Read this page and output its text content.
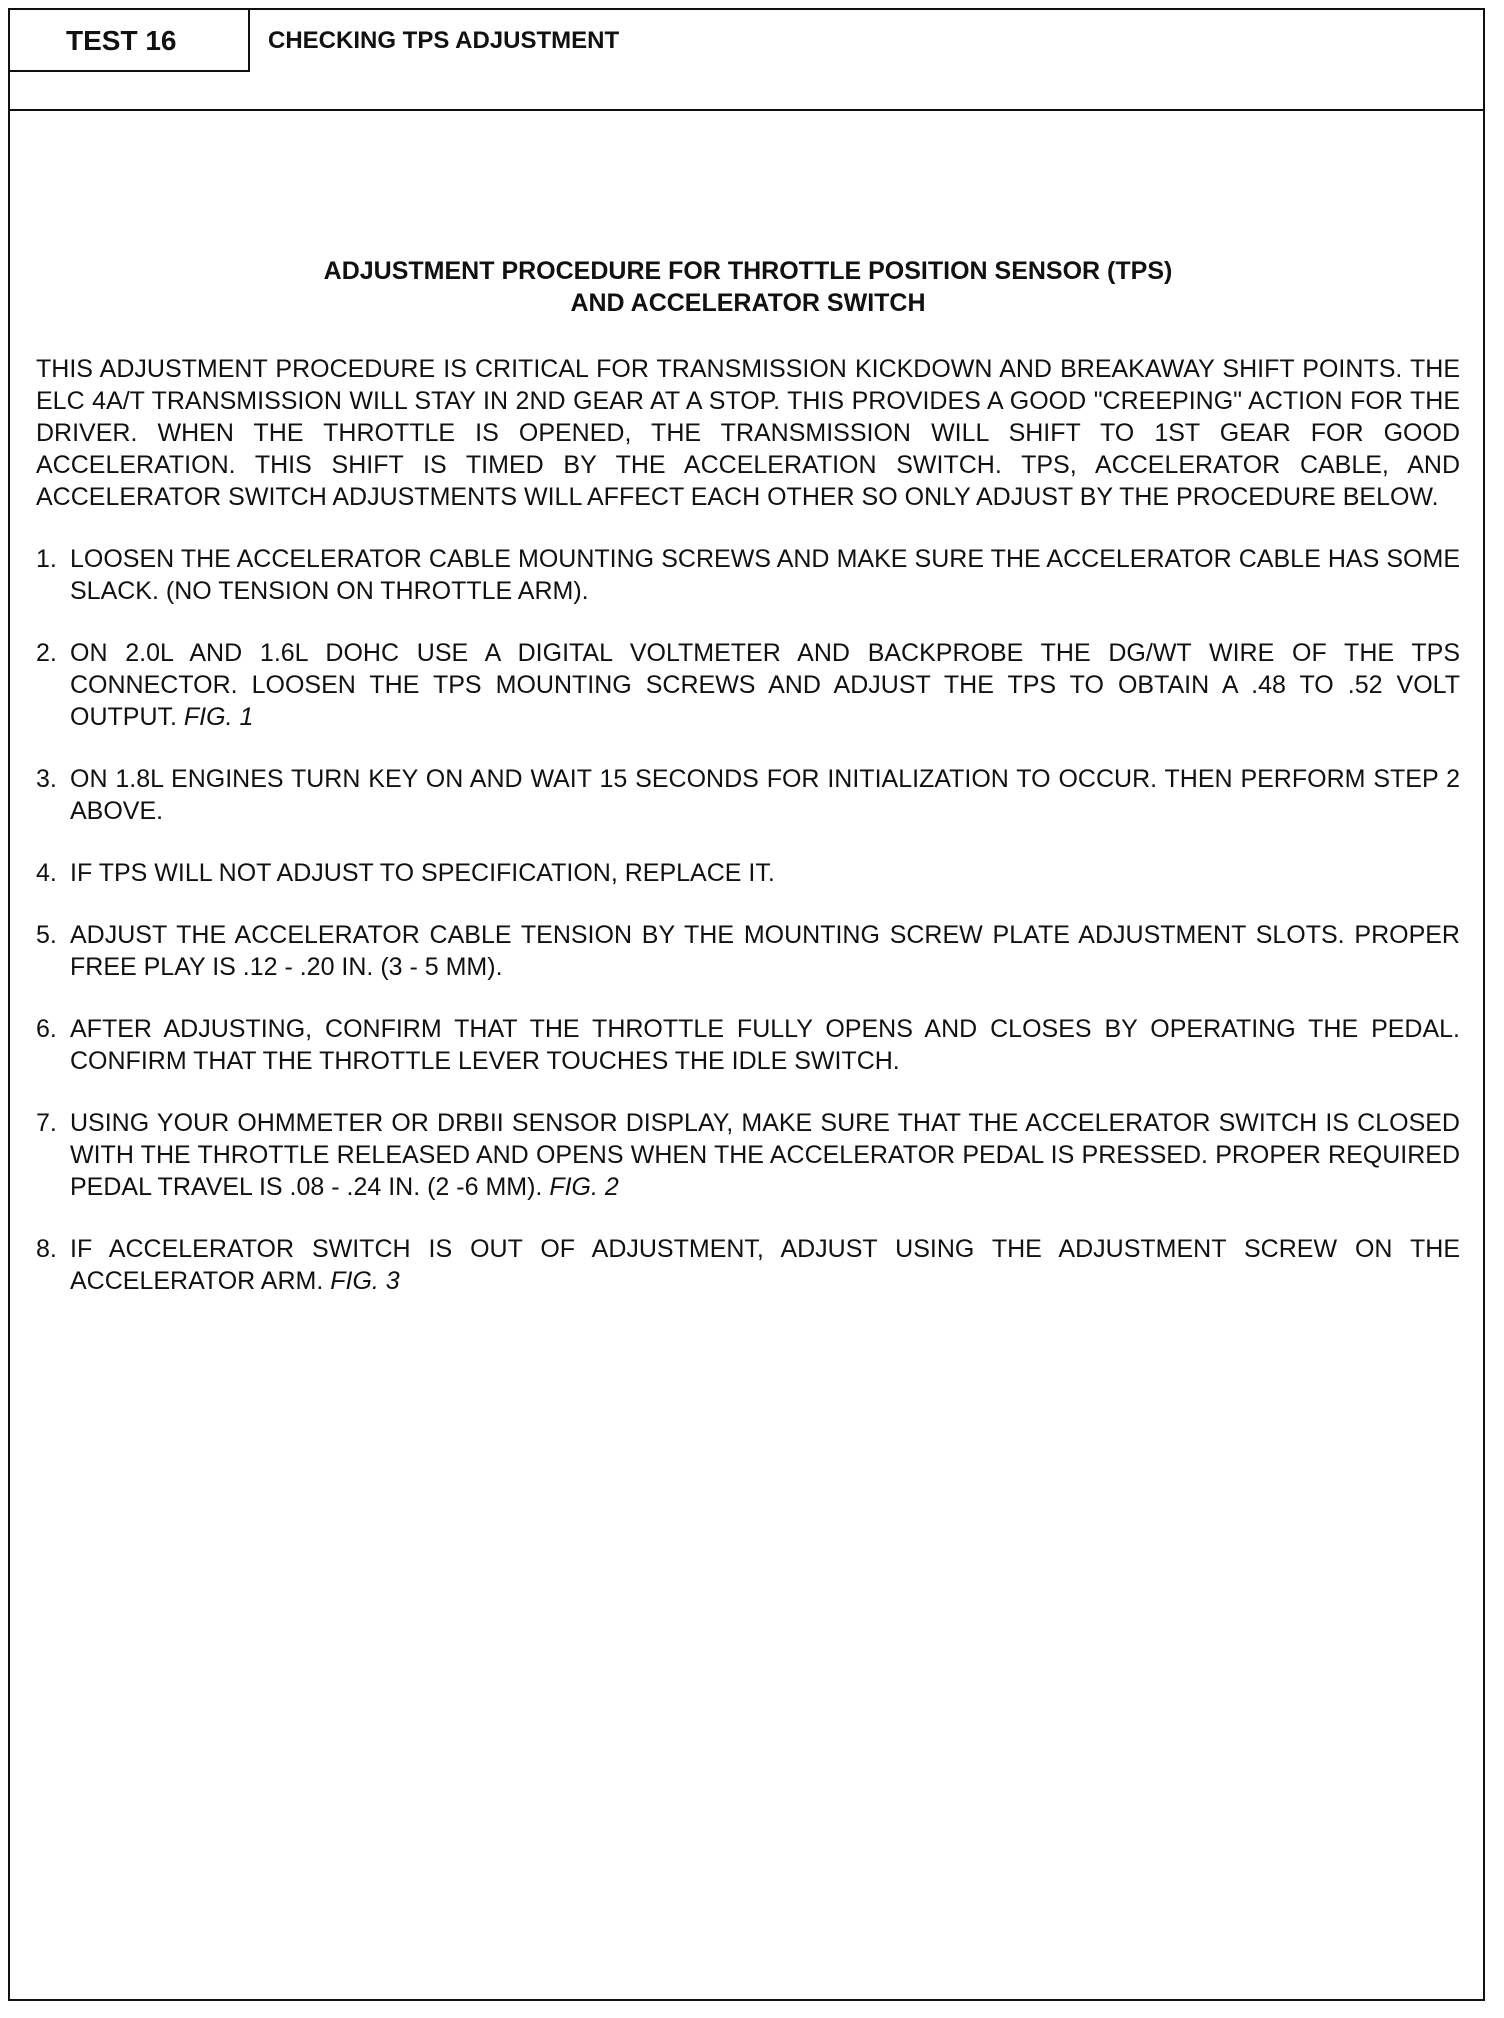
TEST 16	CHECKING TPS ADJUSTMENT
ADJUSTMENT PROCEDURE FOR THROTTLE POSITION SENSOR (TPS)
AND ACCELERATOR SWITCH

THIS ADJUSTMENT PROCEDURE IS CRITICAL FOR TRANSMISSION KICKDOWN AND BREAKAWAY SHIFT POINTS. THE ELC 4A/T TRANSMISSION WILL STAY IN 2ND GEAR AT A STOP. THIS PROVIDES A GOOD "CREEPING" ACTION FOR THE DRIVER. WHEN THE THROTTLE IS OPENED, THE TRANSMISSION WILL SHIFT TO 1ST GEAR FOR GOOD ACCELERATION. THIS SHIFT IS TIMED BY THE ACCELERATION SWITCH. TPS, ACCELERATOR CABLE, AND ACCELERATOR SWITCH ADJUSTMENTS WILL AFFECT EACH OTHER SO ONLY ADJUST BY THE PROCEDURE BELOW.

1. LOOSEN THE ACCELERATOR CABLE MOUNTING SCREWS AND MAKE SURE THE ACCELERATOR CABLE HAS SOME SLACK. (NO TENSION ON THROTTLE ARM).
2. ON 2.0L AND 1.6L DOHC USE A DIGITAL VOLTMETER AND BACKPROBE THE DG/WT WIRE OF THE TPS CONNECTOR. LOOSEN THE TPS MOUNTING SCREWS AND ADJUST THE TPS TO OBTAIN A .48 TO .52 VOLT OUTPUT. FIG. 1
3. ON 1.8L ENGINES TURN KEY ON AND WAIT 15 SECONDS FOR INITIALIZATION TO OCCUR. THEN PERFORM STEP 2 ABOVE.
4. IF TPS WILL NOT ADJUST TO SPECIFICATION, REPLACE IT.
5. ADJUST THE ACCELERATOR CABLE TENSION BY THE MOUNTING SCREW PLATE ADJUSTMENT SLOTS. PROPER FREE PLAY IS .12 - .20 IN. (3 - 5 MM).
6. AFTER ADJUSTING, CONFIRM THAT THE THROTTLE FULLY OPENS AND CLOSES BY OPERATING THE PEDAL. CONFIRM THAT THE THROTTLE LEVER TOUCHES THE IDLE SWITCH.
7. USING YOUR OHMMETER OR DRBII SENSOR DISPLAY, MAKE SURE THAT THE ACCELERATOR SWITCH IS CLOSED WITH THE THROTTLE RELEASED AND OPENS WHEN THE ACCELERATOR PEDAL IS PRESSED. PROPER REQUIRED PEDAL TRAVEL IS .08 - .24 IN. (2 -6 MM). FIG. 2
8. IF ACCELERATOR SWITCH IS OUT OF ADJUSTMENT, ADJUST USING THE ADJUSTMENT SCREW ON THE ACCELERATOR ARM. FIG. 3
